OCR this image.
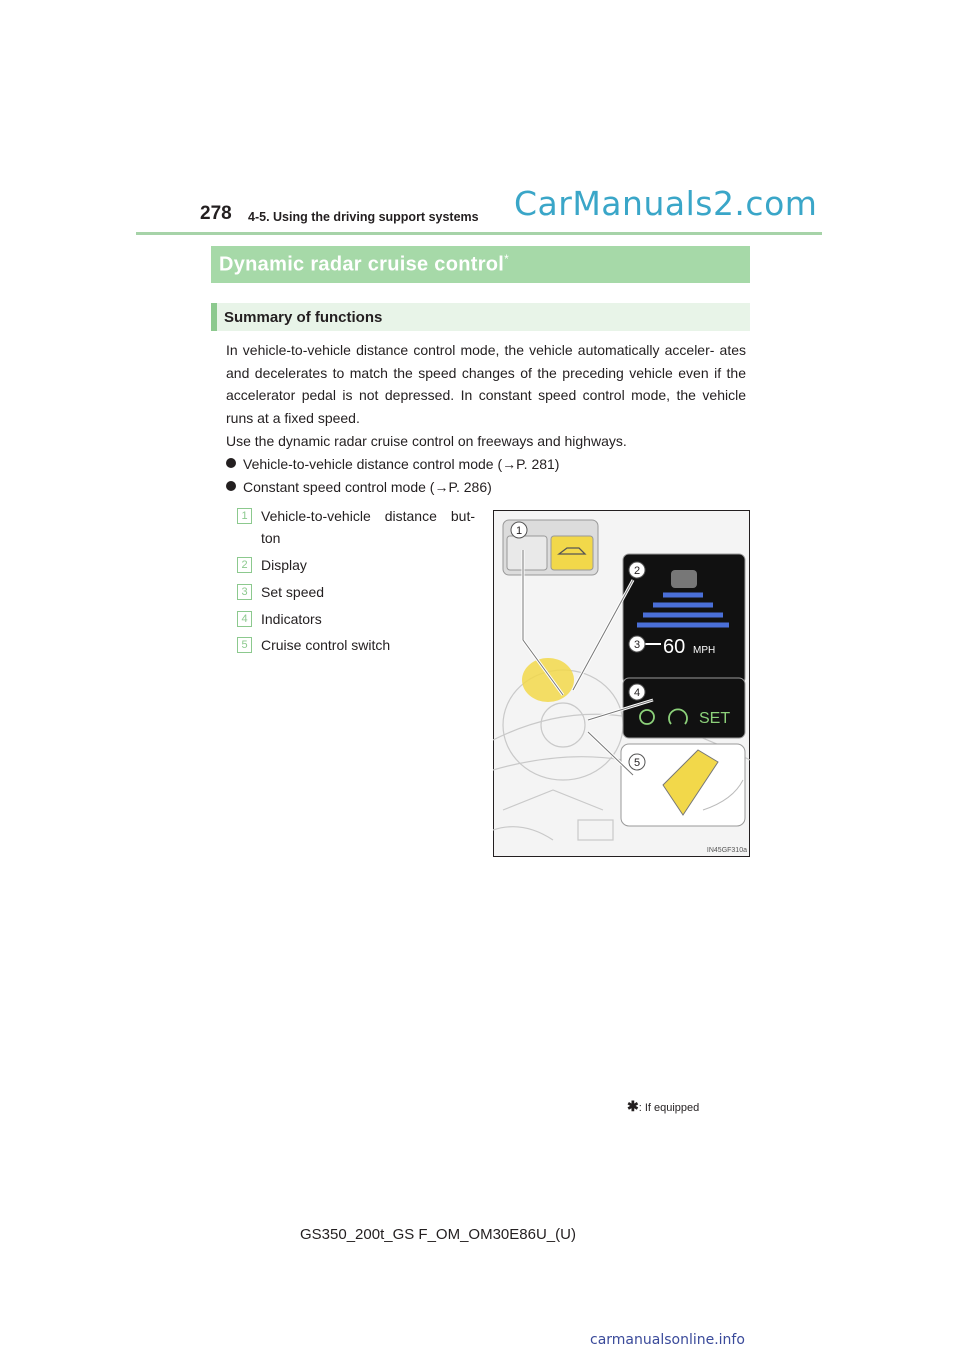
278 4-5. Using the driving support systems CarManuals2.com
Dynamic radar cruise control*
Summary of functions
In vehicle-to-vehicle distance control mode, the vehicle automatically acceler- ates and decelerates to match the speed changes of the preceding vehicle even if the accelerator pedal is not depressed. In constant speed control mode, the vehicle runs at a fixed speed.
Use the dynamic radar cruise control on freeways and highways.
Vehicle-to-vehicle distance control mode (→P. 281)
Constant speed control mode (→P. 286)
1 Vehicle-to-vehicle distance but- ton
2 Display
3 Set speed
4 Indicators
5 Cruise control switch	60 MPH
SET
1
2
3
4
5
IN45GF310a
✱: If equipped
GS350_200t_GS F_OM_OM30E86U_(U)
carmanualsonline.info
